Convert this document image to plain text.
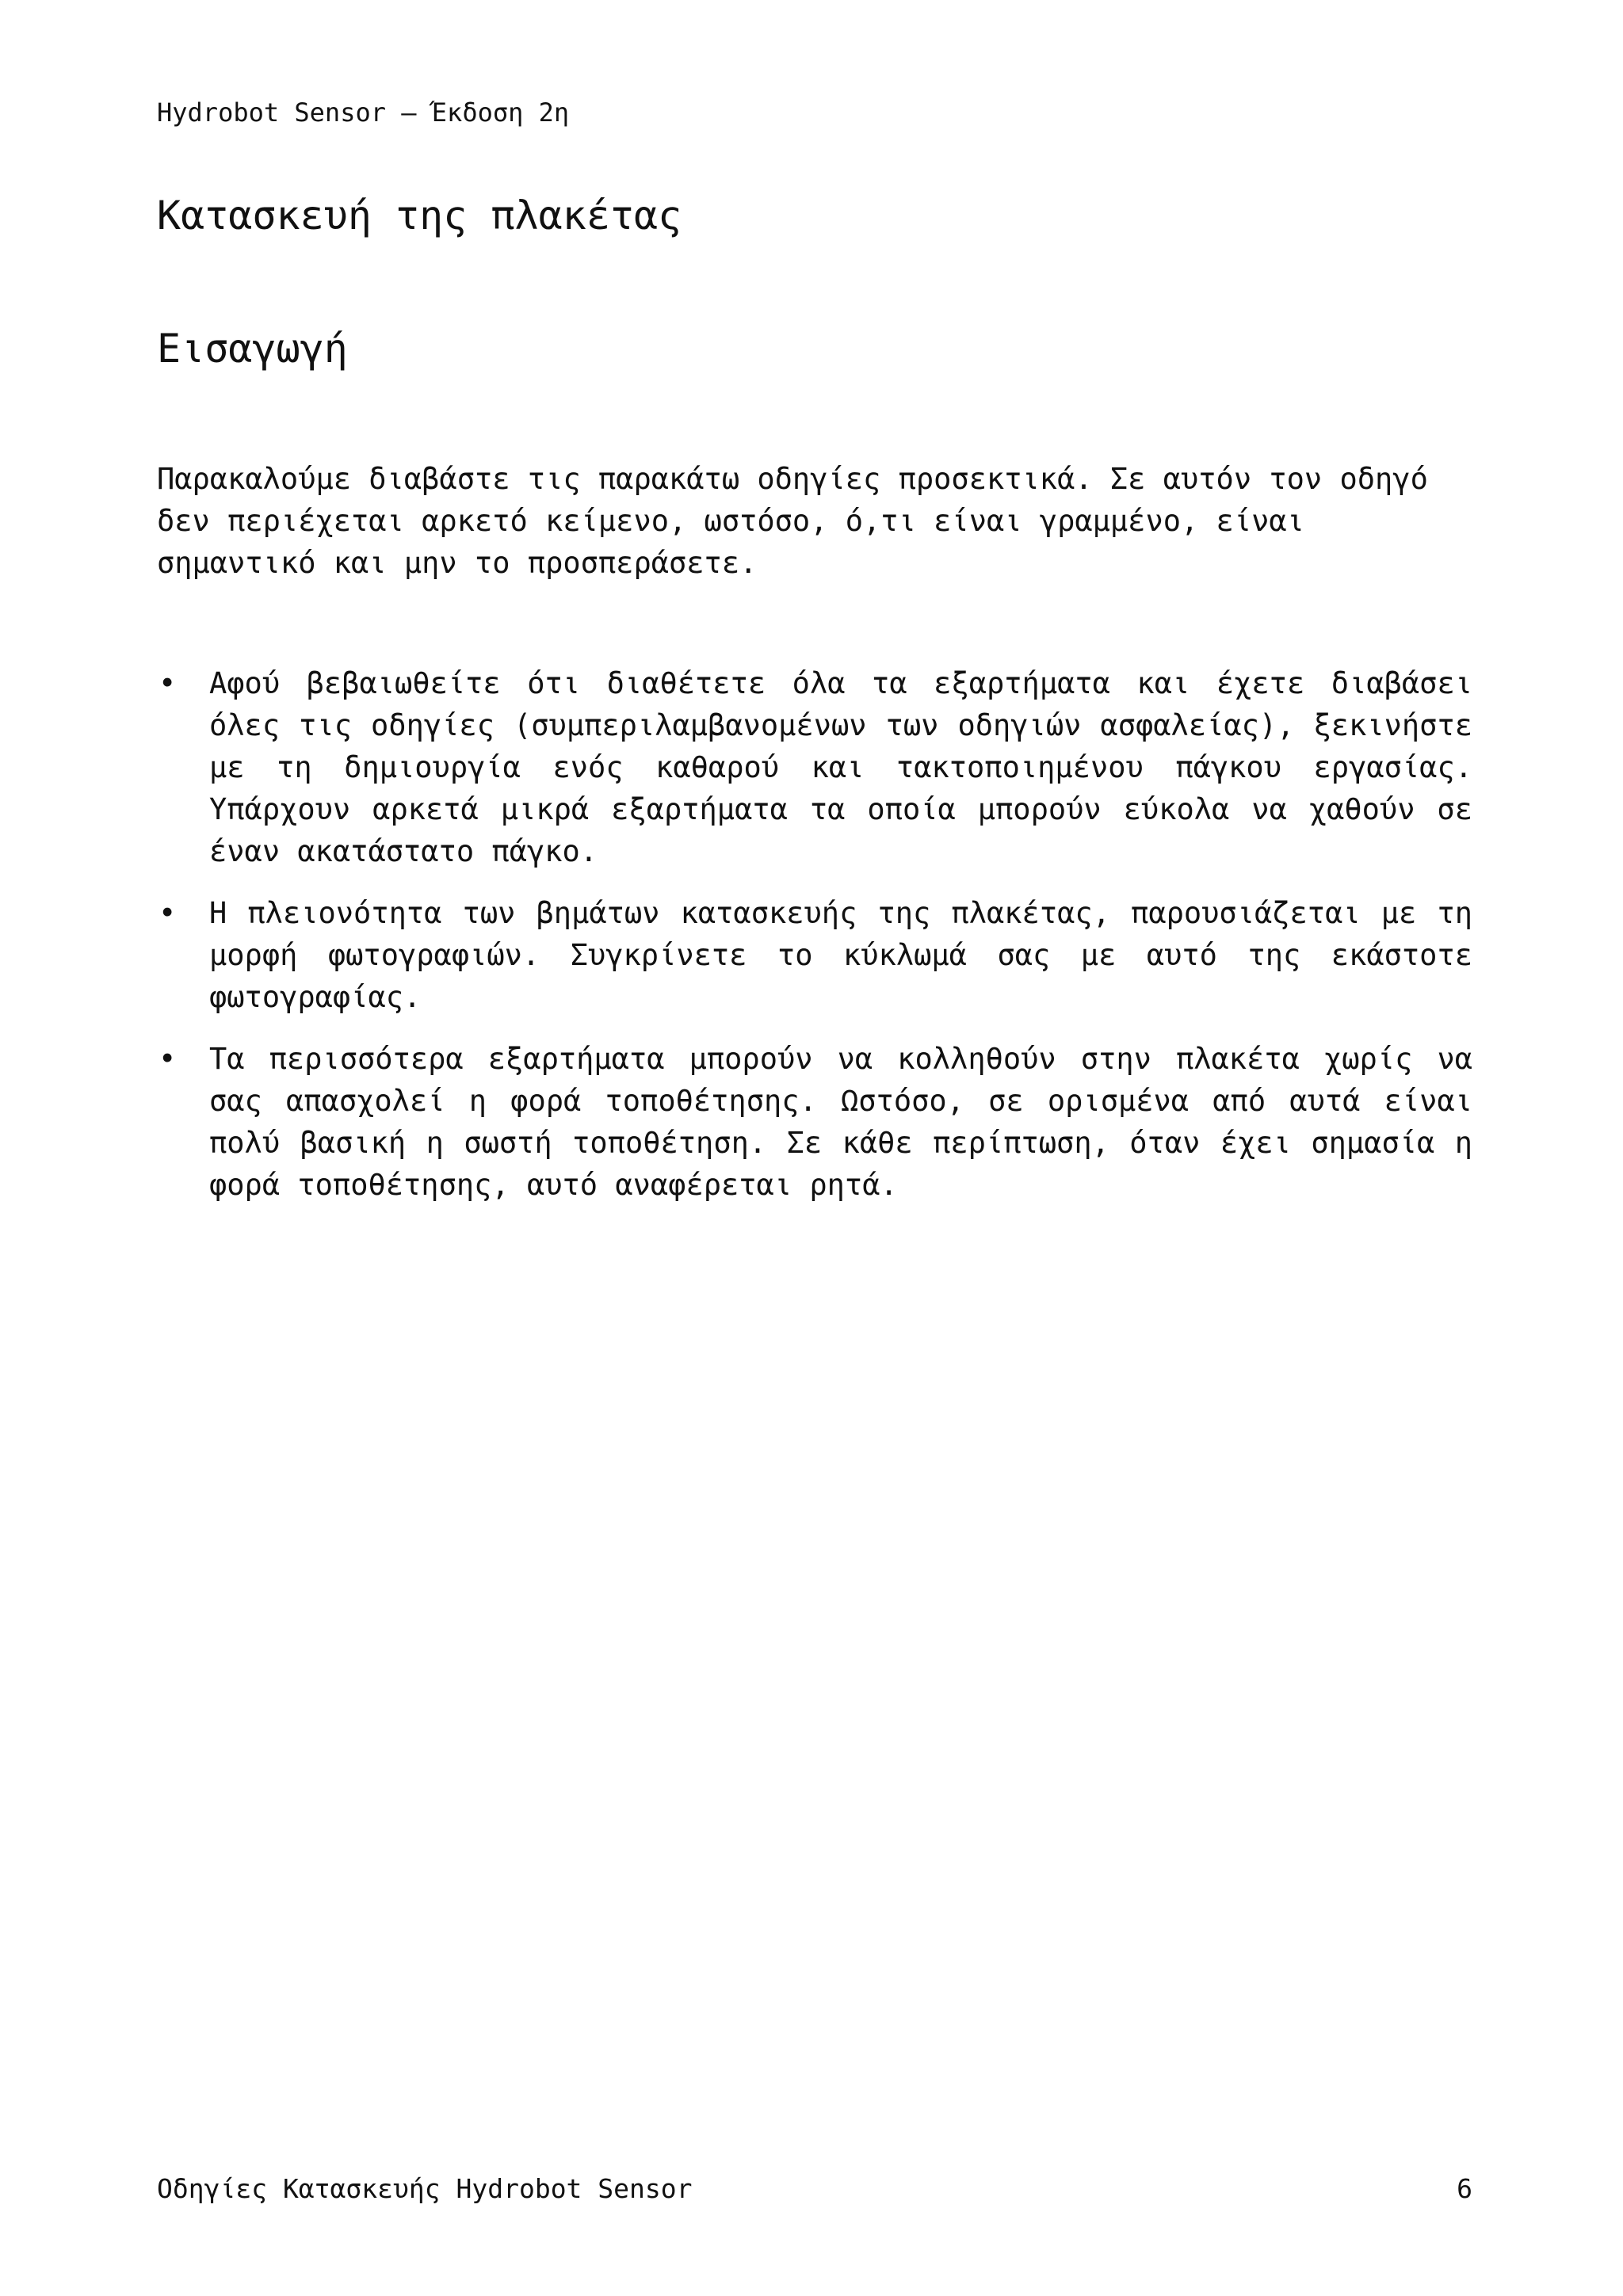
Hydrobot Sensor – Έκδοση 2η
Κατασκευή της πλακέτας
Εισαγωγή

Παρακαλούμε διαβάστε τις παρακάτω οδηγίες προσεκτικά. Σε αυτόν τον οδηγό δεν περιέχεται αρκετό κείμενο, ωστόσο, ό,τι είναι γραμμένο, είναι σημαντικό και μην το προσπεράσετε.

•	Αφού βεβαιωθείτε ότι διαθέτετε όλα τα εξαρτήματα και έχετε διαβάσει όλες τις οδηγίες (συμπεριλαμβανομένων των οδηγιών ασφαλείας), ξεκινήστε με τη δημιουργία ενός καθαρού και τακτοποιημένου πάγκου εργασίας. Υπάρχουν αρκετά μικρά εξαρτήματα τα οποία μπορούν εύκολα να χαθούν σε έναν ακατάστατο πάγκο.
•	Η πλειονότητα των βημάτων κατασκευής της πλακέτας, παρουσιάζεται με τη μορφή φωτογραφιών. Συγκρίνετε το κύκλωμά σας με αυτό της εκάστοτε φωτογραφίας.
•	Τα περισσότερα εξαρτήματα μπορούν να κολληθούν στην πλακέτα χωρίς να σας απασχολεί η φορά τοποθέτησης. Ωστόσο, σε ορισμένα από αυτά είναι πολύ βασική η σωστή τοποθέτηση. Σε κάθε περίπτωση, όταν έχει σημασία η φορά τοποθέτησης, αυτό αναφέρεται ρητά.
Οδηγίες Κατασκευής Hydrobot Sensor	6
